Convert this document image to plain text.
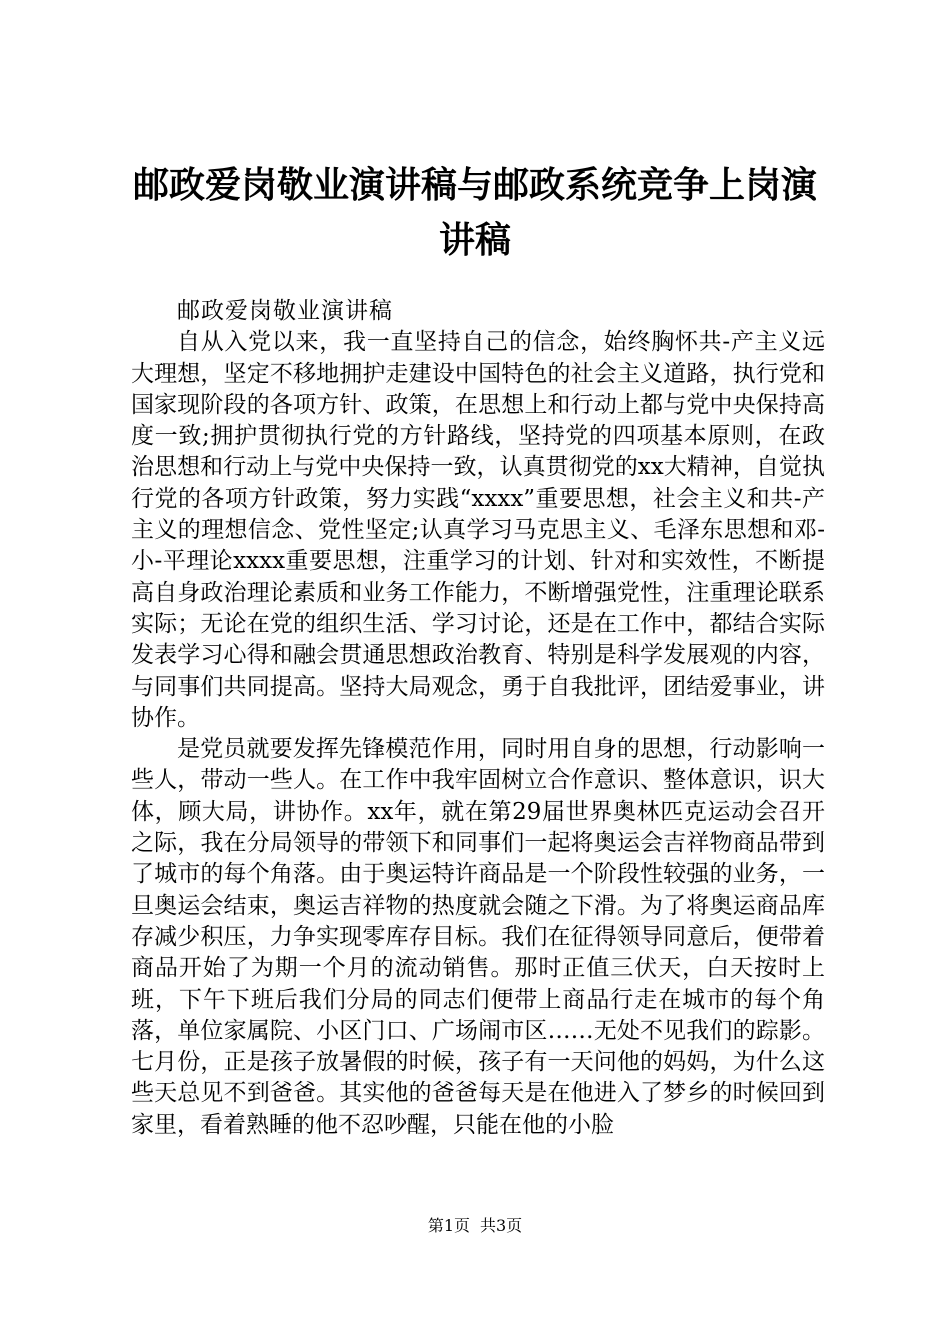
邮政爱岗敬业演讲稿与邮政系统竞争上岗演讲稿

邮政爱岗敬业演讲稿

自从入党以来，我一直坚持自己的信念，始终胸怀共-产主义远大理想，坚定不移地拥护走建设中国特色的社会主义道路，执行党和国家现阶段的各项方针、政策，在思想上和行动上都与党中央保持高度一致;拥护贯彻执行党的方针路线，坚持党的四项基本原则，在政治思想和行动上与党中央保持一致，认真贯彻党的xx大精神，自觉执行党的各项方针政策，努力实践“xxxx”重要思想，社会主义和共-产主义的理想信念、党性坚定;认真学习马克思主义、毛泽东思想和邓-小-平理论xxxx重要思想，注重学习的计划、针对和实效性，不断提高自身政治理论素质和业务工作能力，不断增强党性，注重理论联系实际；无论在党的组织生活、学习讨论，还是在工作中，都结合实际发表学习心得和融会贯通思想政治教育、特别是科学发展观的内容，与同事们共同提高。坚持大局观念，勇于自我批评，团结爱事业，讲协作。

是党员就要发挥先锋模范作用，同时用自身的思想，行动影响一些人，带动一些人。在工作中我牢固树立合作意识、整体意识，识大体，顾大局，讲协作。xx年，就在第29届世界奥林匹克运动会召开之际，我在分局领导的带领下和同事们一起将奥运会吉祥物商品带到了城市的每个角落。由于奥运特许商品是一个阶段性较强的业务，一旦奥运会结束，奥运吉祥物的热度就会随之下滑。为了将奥运商品库存减少积压，力争实现零库存目标。我们在征得领导同意后，便带着商品开始了为期一个月的流动销售。那时正值三伏天，白天按时上班，下午下班后我们分局的同志们便带上商品行走在城市的每个角落，单位家属院、小区门口、广场闹市区……无处不见我们的踪影。七月份，正是孩子放暑假的时候，孩子有一天问他的妈妈，为什么这些天总见不到爸爸。其实他的爸爸每天是在他进入了梦乡的时候回到家里，看着熟睡的他不忍吵醒，只能在他的小脸

第1页 共3页
